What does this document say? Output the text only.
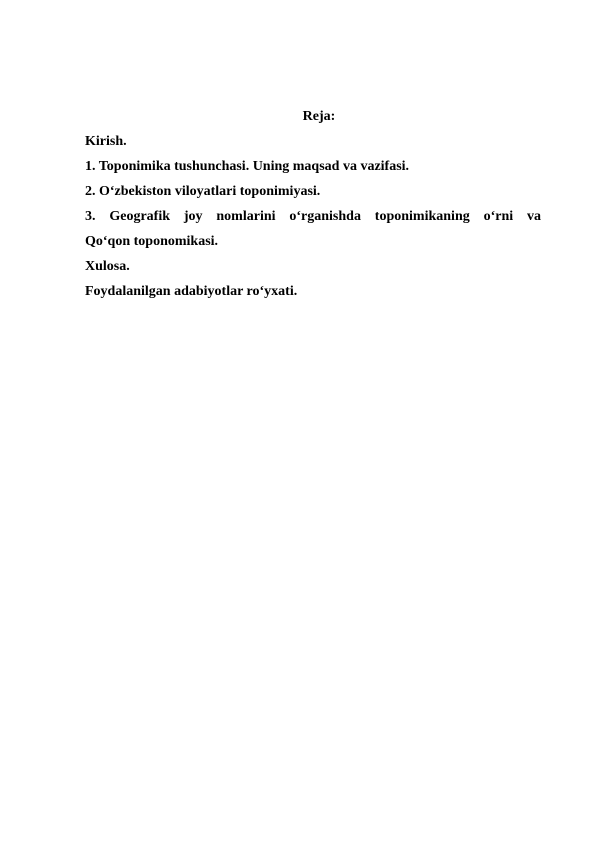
Reja:

Kirish.

1. Toponimika tushunchasi. Uning maqsad va vazifasi.

2. O‘zbekiston viloyatlari toponimiyasi.

3. Geografik joy nomlarini o‘rganishda toponimikaning o‘rni va
Qo‘qon toponomikasi.

Xulosa.

Foydalanilgan adabiyotlar ro‘yxati.
